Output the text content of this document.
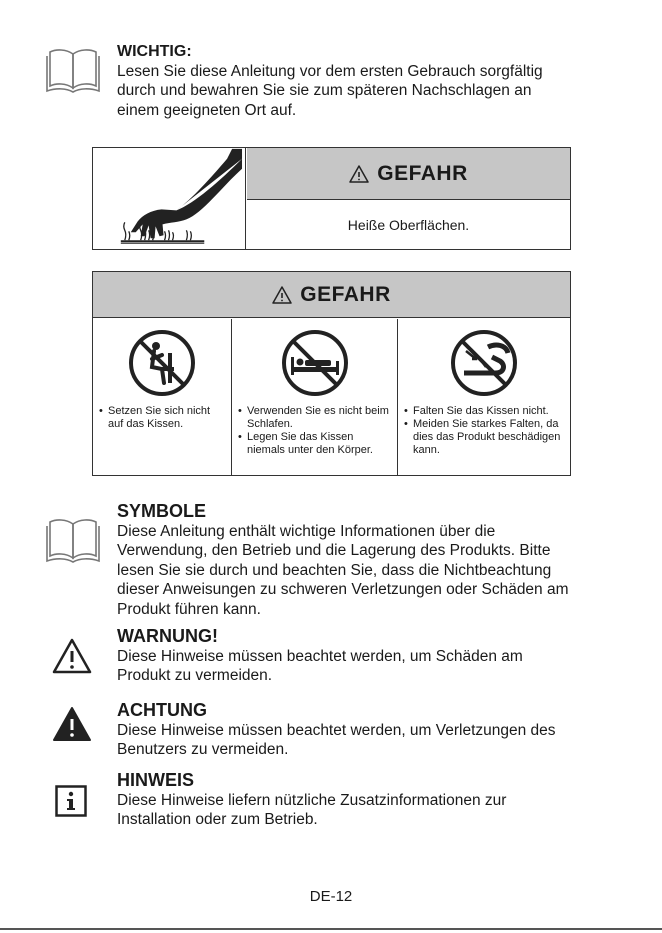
WICHTIG:
Lesen Sie diese Anleitung vor dem ersten Gebrauch sorgfältig
durch und bewahren Sie sie zum späteren Nachschlagen an
einem geeigneten Ort auf.
GEFAHR
Heiße Oberflächen.
GEFAHR
• Setzen Sie sich nicht auf das Kissen.
• Verwenden Sie es nicht beim Schlafen.
• Legen Sie das Kissen niemals unter den Körper.
• Falten Sie das Kissen nicht.
• Meiden Sie starkes Falten, da dies das Produkt beschädigen kann.
SYMBOLE
Diese Anleitung enthält wichtige Informationen über die
Verwendung, den Betrieb und die Lagerung des Produkts. Bitte
lesen Sie sie durch und beachten Sie, dass die Nichtbeachtung
dieser Anweisungen zu schweren Verletzungen oder Schäden am
Produkt führen kann.
WARNUNG!
Diese Hinweise müssen beachtet werden, um Schäden am
Produkt zu vermeiden.
ACHTUNG
Diese Hinweise müssen beachtet werden, um Verletzungen des
Benutzers zu vermeiden.
HINWEIS
Diese Hinweise liefern nützliche Zusatzinformationen zur
Installation oder zum Betrieb.
DE-12
